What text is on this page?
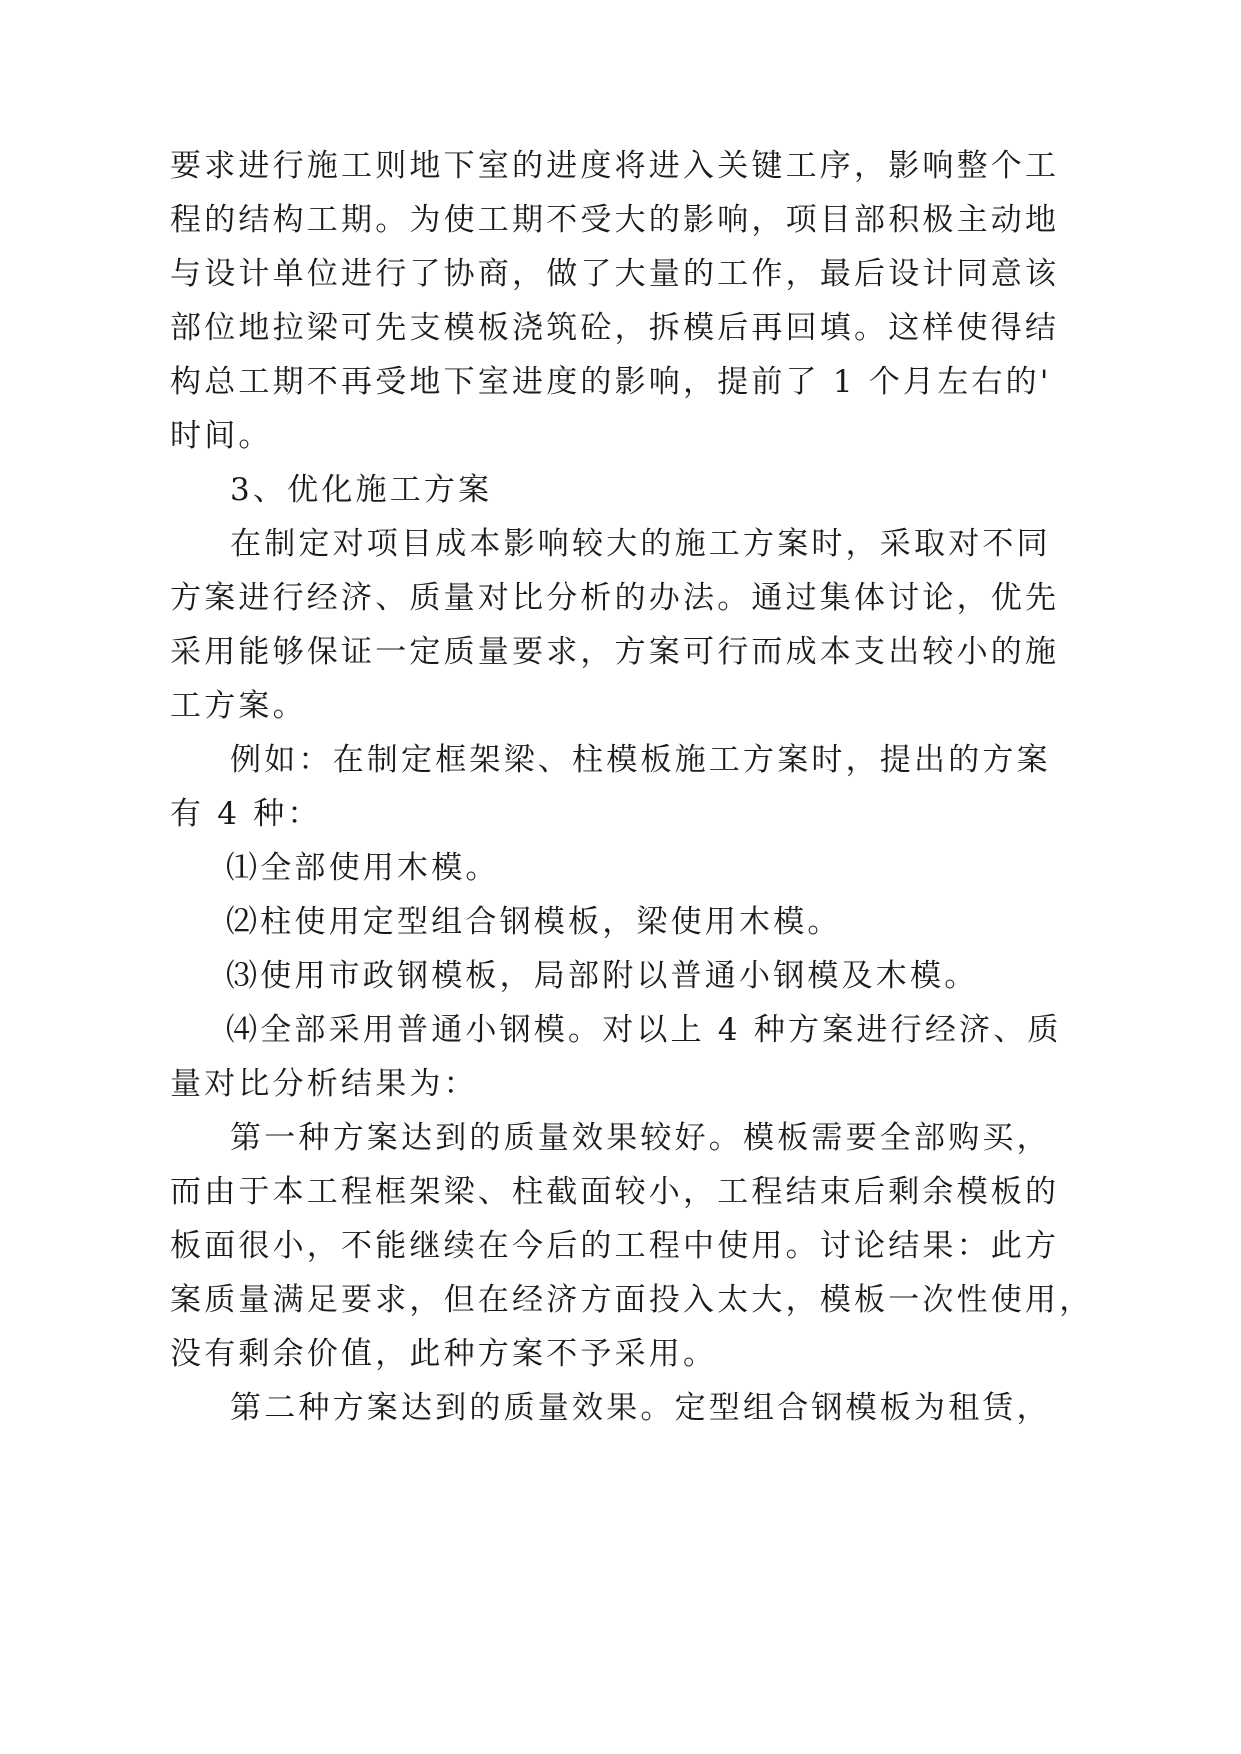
要求进行施工则地下室的进度将进入关键工序，影响整个工
程的结构工期。为使工期不受大的影响，项目部积极主动地
与设计单位进行了协商，做了大量的工作，最后设计同意该
部位地拉梁可先支模板浇筑砼，拆模后再回填。这样使得结
构总工期不再受地下室进度的影响，提前了 1 个月左右的'
时间。
3、优化施工方案
在制定对项目成本影响较大的施工方案时，采取对不同
方案进行经济、质量对比分析的办法。通过集体讨论，优先
采用能够保证一定质量要求，方案可行而成本支出较小的施
工方案。
例如：在制定框架梁、柱模板施工方案时，提出的方案
有 4 种：
⑴全部使用木模。
⑵柱使用定型组合钢模板，梁使用木模。
⑶使用市政钢模板，局部附以普通小钢模及木模。
⑷全部采用普通小钢模。对以上 4 种方案进行经济、质
量对比分析结果为：
第一种方案达到的质量效果较好。模板需要全部购买，
而由于本工程框架梁、柱截面较小，工程结束后剩余模板的
板面很小，不能继续在今后的工程中使用。讨论结果：此方
案质量满足要求，但在经济方面投入太大，模板一次性使用，
没有剩余价值，此种方案不予采用。
第二种方案达到的质量效果。定型组合钢模板为租赁，
